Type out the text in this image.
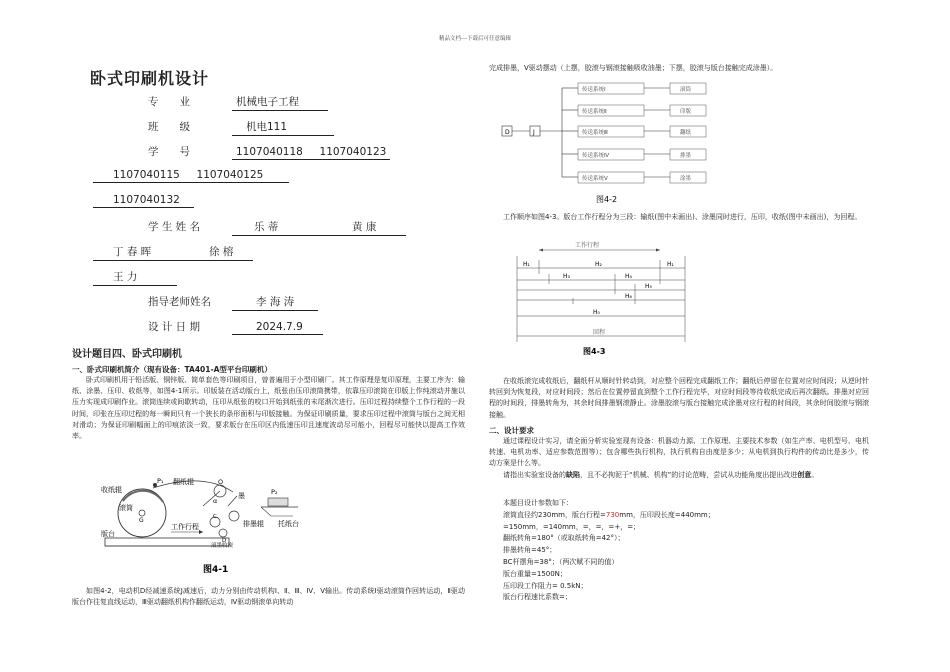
精品文档---下载后可任意编辑
卧式印刷机设计
专　　业	机械电子工程
班　　级	机电111
学　　号	1107040118 1107040123
1107040115 1107040125
1107040132
学 生 姓 名	乐 蒂	黄 康
丁 春 晖	徐 榕
王 力
指导老师姓名	李 海 涛
设 计 日 期	2024.7.9
设计题目四、卧式印刷机
一、卧式印刷机简介（现有设备：TA401-A型平台印刷机）
卧式印刷机用于铅活版、铜锌版、简单套色等印刷项目，曾普遍用于小型印刷厂。其工作原理是复印原理，主要工序为：输纸、涂墨、压印、收纸等，如图4-1所示。印版装在活动版台上，纸张由压印滚筒携带，依靠压印滚筒在印版上作纯滚动并施以压力实现成印刷作业。滚筒连续或间歇转动，压印从纸张的咬口开始到纸张的末尾渐次进行。压印过程持续整个工作行程的一段时间，印张在压印过程的每一瞬间只有一个狭长的条形面积与印版接触。为保证印刷质量，要求压印过程中滚筒与版台之间无相对滑动；为保证印刷幅面上的印痕浓淡一致，要求版台在压印区内低速压印且速度波动尽可能小，回程尽可能快以提高工作效率。
收纸辊
P₁ 翻纸辊	O
α
墨	P₂
滚筒
G	排墨辊 托纸台
C
D
滚墨收滚
工作行程
版台
图4-1
如图4-2，电动机D经减速系统J减速后，动力分别由传动机构Ⅰ、Ⅱ、Ⅲ、Ⅳ、Ⅴ输出。传动系统Ⅰ驱动滚筒作回转运动，Ⅱ驱动版台作往复直线运动，Ⅲ驱动翻纸机构作翻纸运动，Ⅳ驱动钢滚单向转动
完成排墨，V驱动摆动（上摆，胶滚与钢滚接触吸收油墨；下摆，胶滚与版台接触完成涂墨）。
D	J
传送系统Ⅰ
传送系统Ⅱ
传送系统Ⅲ
传送系统Ⅳ
传送系统Ⅴ
滚筒
印版
翻纸
排墨
涂墨
图4-2
工作顺序如图4-3。版台工作行程分为三段：输纸(图中未画出)、涂墨同时进行，压印，收纸(图中未画出)，为回程。
工作行程
H₁	H₂	H₁
H₃	H₄
H₅
H₆
H₀
回程
图4-3
在收纸滚完成收纸后，翻纸杆从顺时针转动到，对应整个回程完成翻纸工作；翻纸后停留在位置对应时间段；从逆时针转回到为恢复段，对应时间段；然后在位置停留直到整个工作行程完毕，对应时间段等待收纸完成后再次翻纸。排墨对应回程的时间段，排墨转角为，其余时间排墨钢滚静止。涂墨胶滚与版台接触完成涂墨对应行程的时间段，其余时间胶滚与钢滚接触。
二、设计要求
通过课程设计实习，请全面分析实验室现有设备：机器动力源、工作原理、主要技术参数（如生产率、电机型号、电机转速、电机功率、适应参数范围等）；包含哪些执行机构，执行机构自由度是多少；从电机到执行构件的传动比是多少，传动方案是什么等。
请指出实验室设备的缺陷，且不必拘泥于“机械、机构”的讨论范畴，尝试从功能角度出提出改进创意。
本题目设计参数如下：
滚筒直径约230mm，版台行程=730mm，压印段长度=440mm；
=150mm，=140mm，=，=，=+，=；
翻纸转角=180°（或取纸转角=42°）；
排墨转角=45°；
BC杆摆角=38°；（两次赋不同的值）
版台重量=1500N；
压印段工作阻力= 0.5kN；
版台行程速比系数=；
